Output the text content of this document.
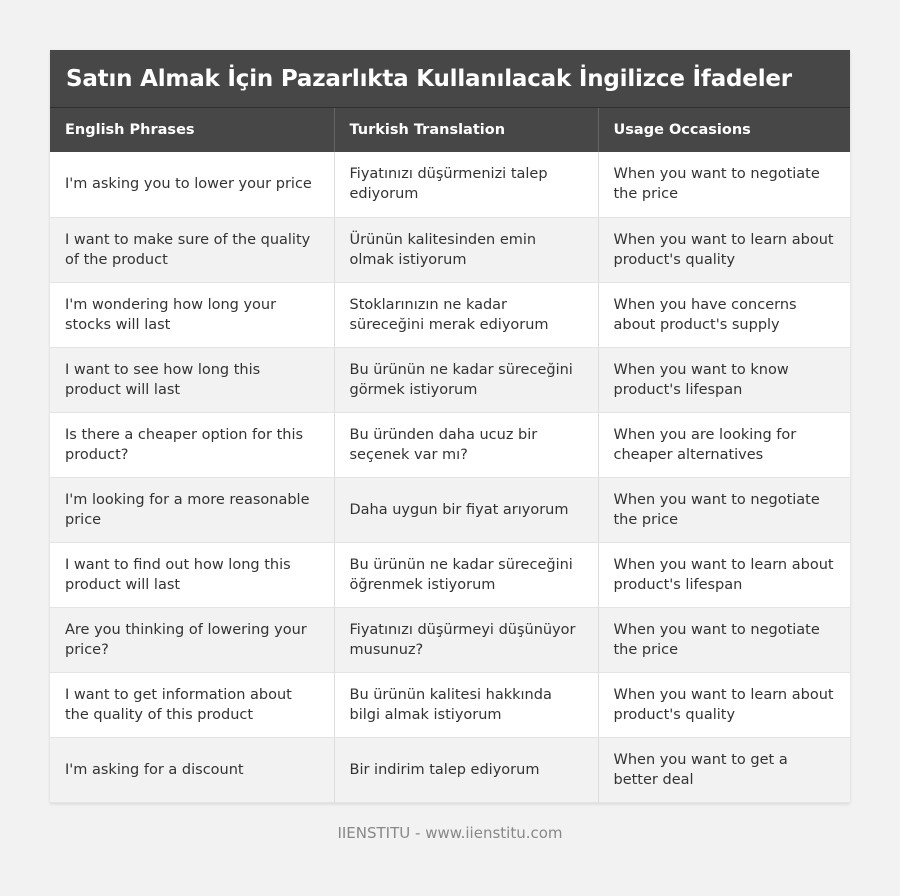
Satın Almak İçin Pazarlıkta Kullanılacak İngilizce İfadeler
English Phrases	Turkish Translation	Usage Occasions
I'm asking you to lower your price	Fiyatınızı düşürmenizi talep ediyorum	When you want to negotiate the price
I want to make sure of the quality of the product	Ürünün kalitesinden emin olmak istiyorum	When you want to learn about product's quality
I'm wondering how long your stocks will last	Stoklarınızın ne kadar süreceğini merak ediyorum	When you have concerns about product's supply
I want to see how long this product will last	Bu ürünün ne kadar süreceğini görmek istiyorum	When you want to know product's lifespan
Is there a cheaper option for this product?	Bu üründen daha ucuz bir seçenek var mı?	When you are looking for cheaper alternatives
I'm looking for a more reasonable price	Daha uygun bir fiyat arıyorum	When you want to negotiate the price
I want to find out how long this product will last	Bu ürünün ne kadar süreceğini öğrenmek istiyorum	When you want to learn about product's lifespan
Are you thinking of lowering your price?	Fiyatınızı düşürmeyi düşünüyor musunuz?	When you want to negotiate the price
I want to get information about the quality of this product	Bu ürünün kalitesi hakkında bilgi almak istiyorum	When you want to learn about product's quality
I'm asking for a discount	Bir indirim talep ediyorum	When you want to get a better deal
IIENSTITU - www.iienstitu.com
